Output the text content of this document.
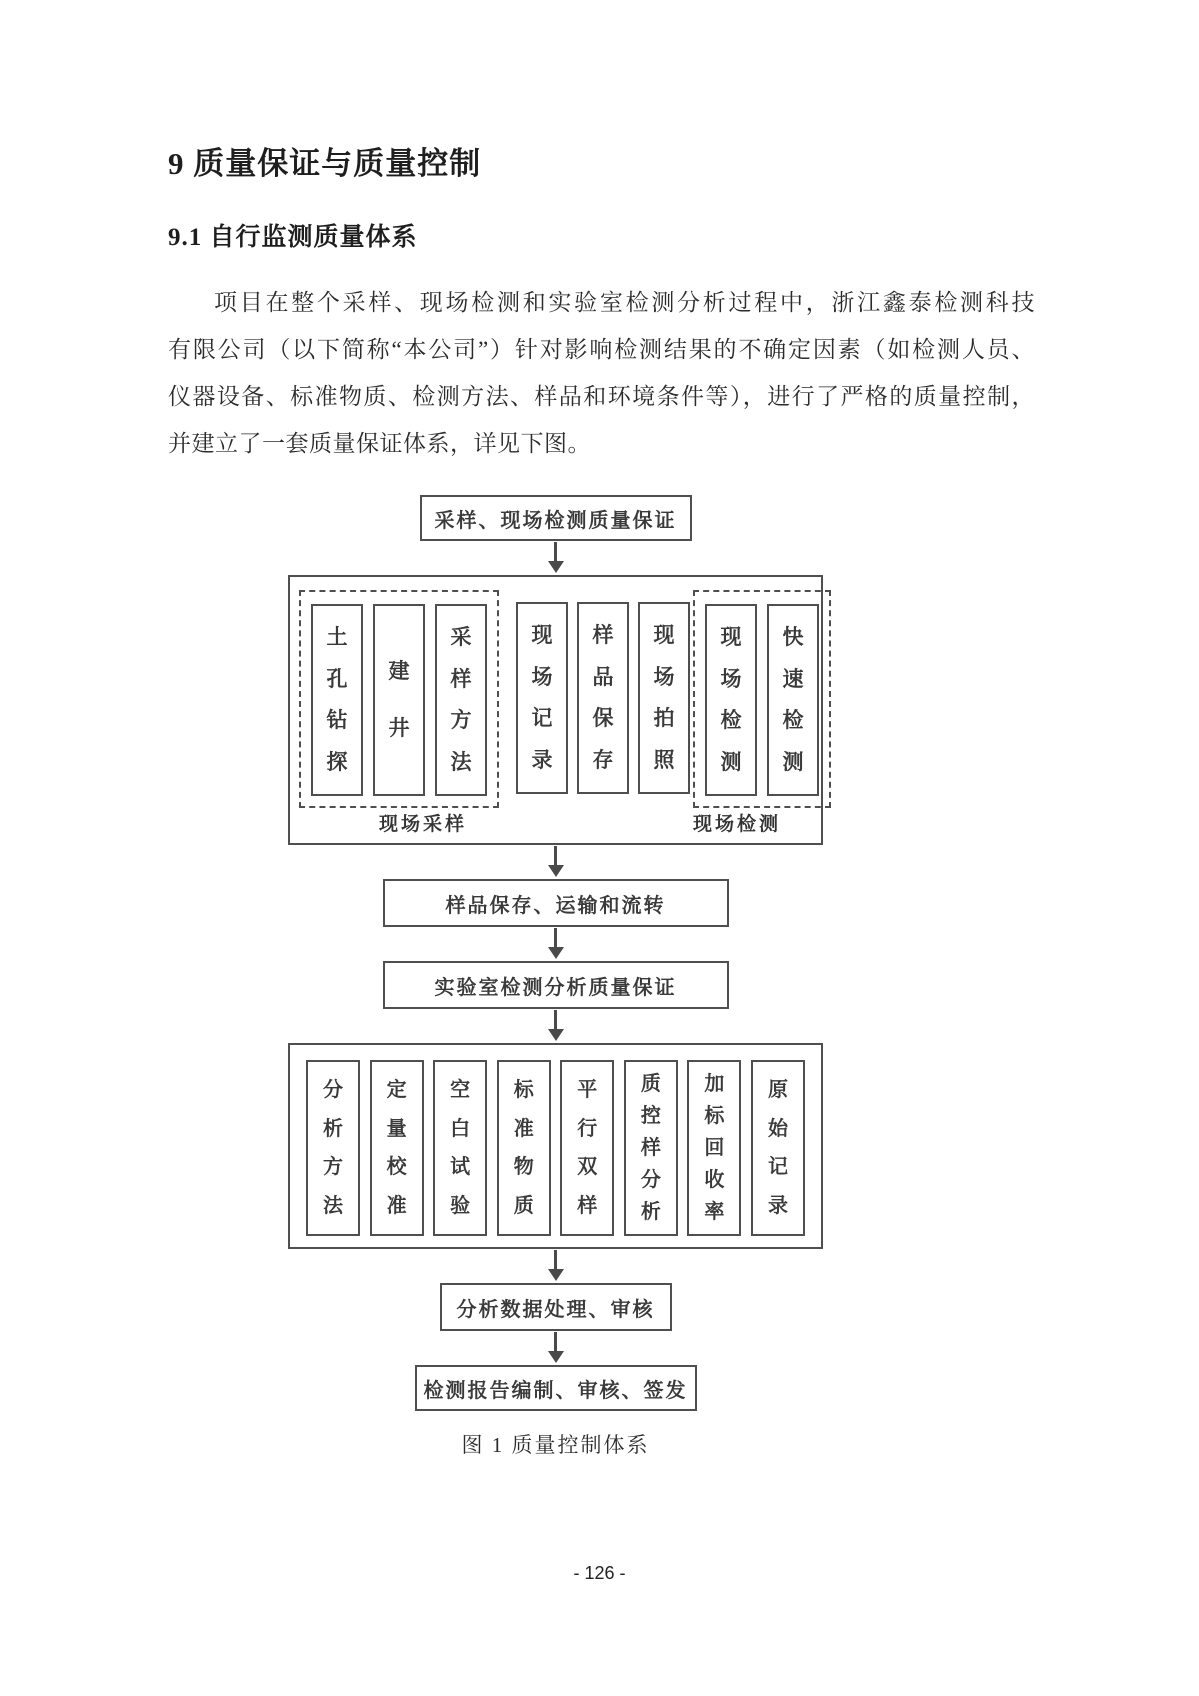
9 质量保证与质量控制
9.1 自行监测质量体系
项目在整个采样、现场检测和实验室检测分析过程中，浙江鑫泰检测科技
有限公司（以下简称“本公司”）针对影响检测结果的不确定因素（如检测人员、
仪器设备、标准物质、检测方法、样品和环境条件等），进行了严格的质量控制，
并建立了一套质量保证体系，详见下图。
采样、现场检测质量保证
土
孔
钻
探
建
井
采
样
方
法
现
场
记
录
样
品
保
存
现
场
拍
照
现
场
检
测
快
速
检
测
现场采样	现场检测
样品保存、运输和流转
实验室检测分析质量保证
分
析
方
法
定
量
校
准
空
白
试
验
标
准
物
质
平
行
双
样
质
控
样
分
析
加
标
回
收
率
原
始
记
录
分析数据处理、审核
检测报告编制、审核、签发
图 1 质量控制体系
- 126 -
